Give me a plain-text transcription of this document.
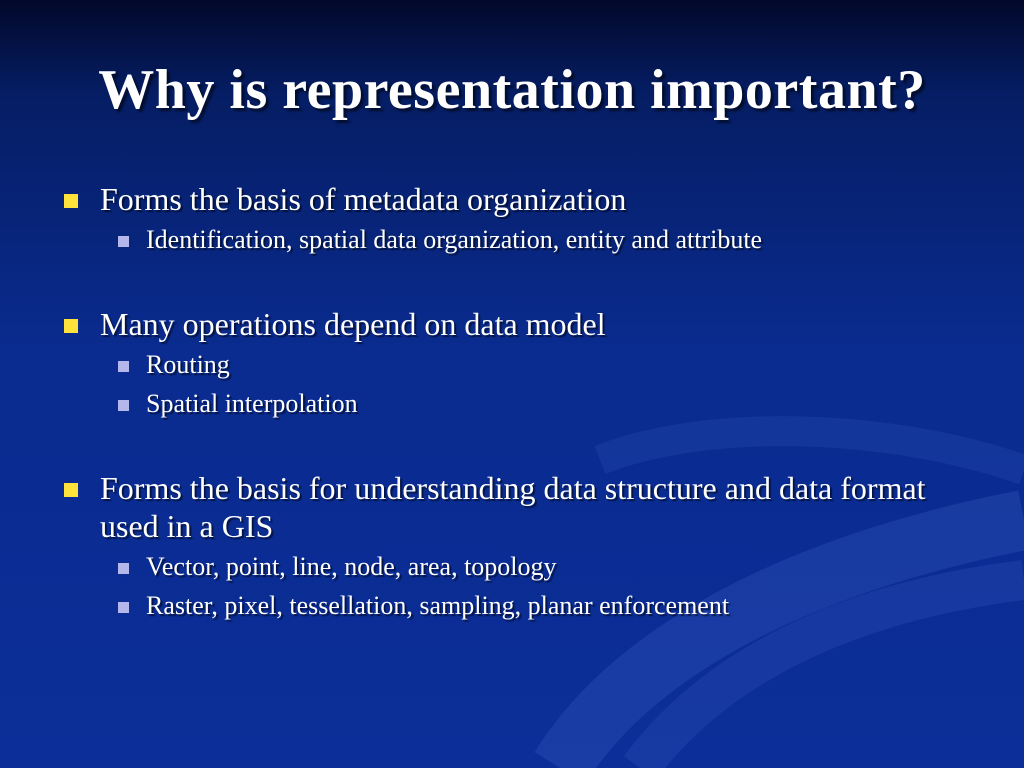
Why is representation important?
Forms the basis of metadata organization
Identification, spatial data organization, entity and attribute
Many operations depend on data model
Routing
Spatial interpolation
Forms the basis for understanding data structure and data format used in a GIS
Vector, point, line, node, area, topology
Raster, pixel, tessellation, sampling, planar enforcement
